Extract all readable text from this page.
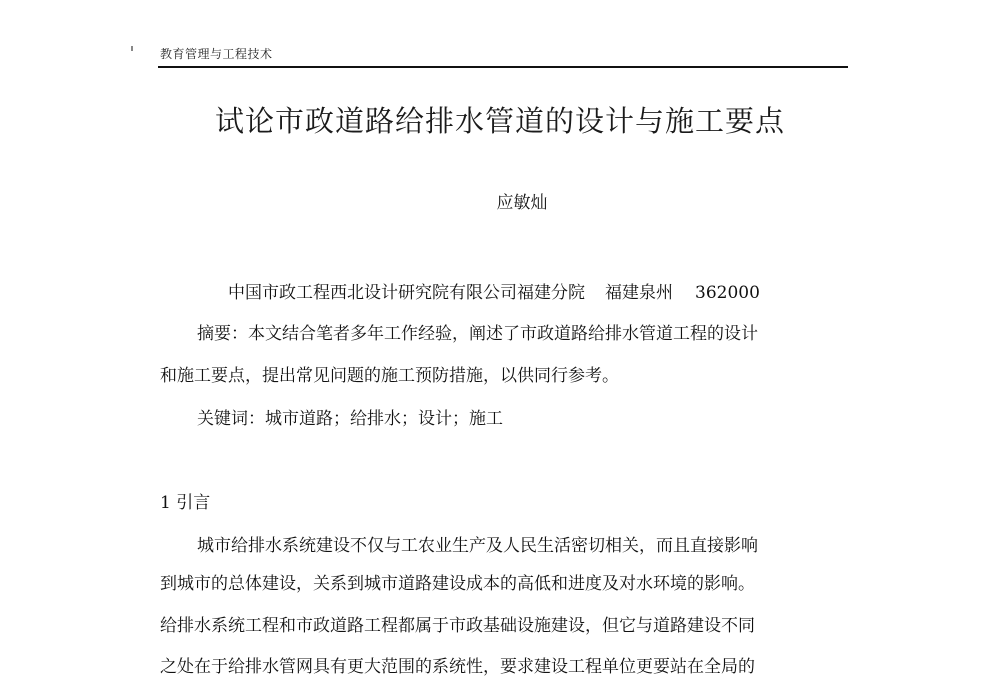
教育管理与工程技术
试论市政道路给排水管道的设计与施工要点
应敏灿
中国市政工程西北设计研究院有限公司福建分院 福建泉州 362000
摘要：本文结合笔者多年工作经验，阐述了市政道路给排水管道工程的设计
和施工要点，提出常见问题的施工预防措施，以供同行参考。
关键词：城市道路；给排水；设计；施工
1 引言
城市给排水系统建设不仅与工农业生产及人民生活密切相关，而且直接影响
到城市的总体建设，关系到城市道路建设成本的高低和进度及对水环境的影响。
给排水系统工程和市政道路工程都属于市政基础设施建设，但它与道路建设不同
之处在于给排水管网具有更大范围的系统性，要求建设工程单位更要站在全局的
